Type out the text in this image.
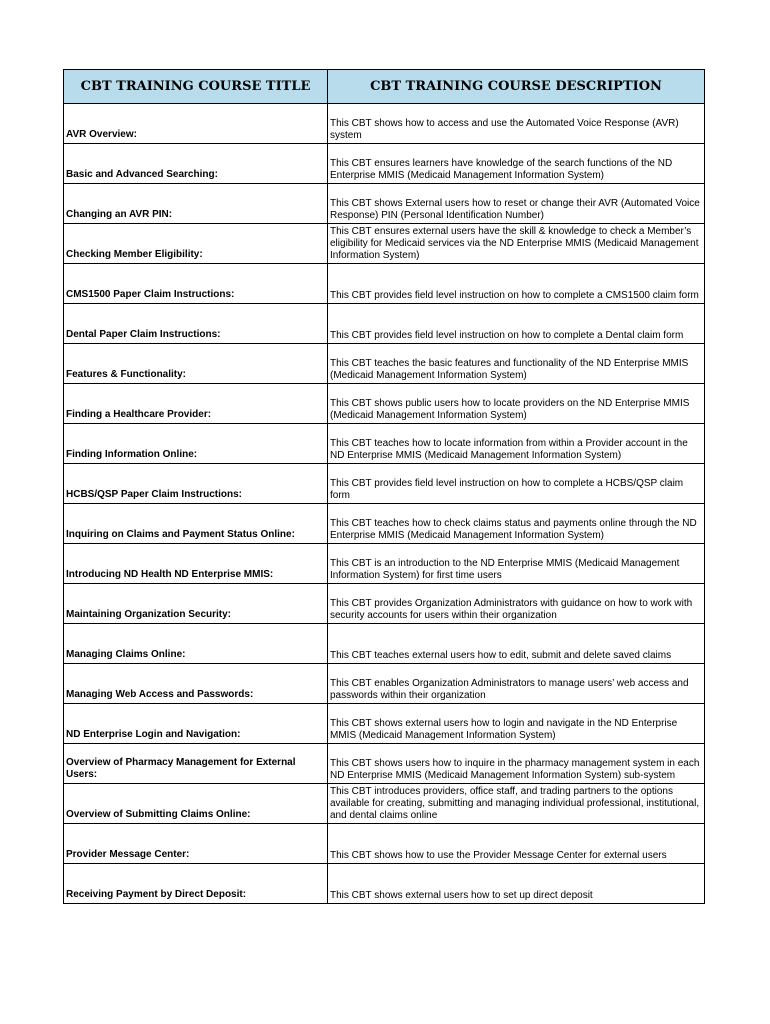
CBT TRAINING COURSE TITLE	CBT TRAINING COURSE DESCRIPTION
AVR Overview:	This CBT shows how to access and use the Automated Voice Response (AVR) system
Basic and Advanced Searching:	This CBT ensures learners have knowledge of the search functions of the ND Enterprise MMIS (Medicaid Management Information System)
Changing an AVR PIN:	This CBT shows External users how to reset or change their AVR (Automated Voice Response) PIN (Personal Identification Number)
Checking Member Eligibility:	This CBT ensures external users have the skill & knowledge to check a Member’s eligibility for Medicaid services via the ND Enterprise MMIS (Medicaid Management Information System)
CMS1500 Paper Claim Instructions:	This CBT provides field level instruction on how to complete a CMS1500 claim form
Dental Paper Claim Instructions:	This CBT provides field level instruction on how to complete a Dental claim form
Features & Functionality:	This CBT teaches the basic features and functionality of the ND Enterprise MMIS (Medicaid Management Information System)
Finding a Healthcare Provider:	This CBT shows public users how to locate providers on the ND Enterprise MMIS (Medicaid Management Information System)
Finding Information Online:	This CBT teaches how to locate information from within a Provider account in the ND Enterprise MMIS (Medicaid Management Information System)
HCBS/QSP Paper Claim Instructions:	This CBT provides field level instruction on how to complete a HCBS/QSP claim form
Inquiring on Claims and Payment Status Online:	This CBT teaches how to check claims status and payments online through the ND Enterprise MMIS (Medicaid Management Information System)
Introducing ND Health ND Enterprise MMIS:	This CBT is an introduction to the ND Enterprise MMIS (Medicaid Management Information System) for first time users
Maintaining Organization Security:	This CBT provides Organization Administrators with guidance on how to work with security accounts for users within their organization
Managing Claims Online:	This CBT teaches external users how to edit, submit and delete saved claims
Managing Web Access and Passwords:	This CBT enables Organization Administrators to manage users’ web access and passwords within their organization
ND Enterprise Login and Navigation:	This CBT shows external users how to login and navigate in the ND Enterprise MMIS (Medicaid Management Information System)
Overview of Pharmacy Management for External Users:	This CBT shows users how to inquire in the pharmacy management system in each ND Enterprise MMIS (Medicaid Management Information System) sub-system
Overview of Submitting Claims Online:	This CBT introduces providers, office staff, and trading partners to the options available for creating, submitting and managing individual professional, institutional, and dental claims online
Provider Message Center:	This CBT shows how to use the Provider Message Center for external users
Receiving Payment by Direct Deposit:	This CBT shows external users how to set up direct deposit
